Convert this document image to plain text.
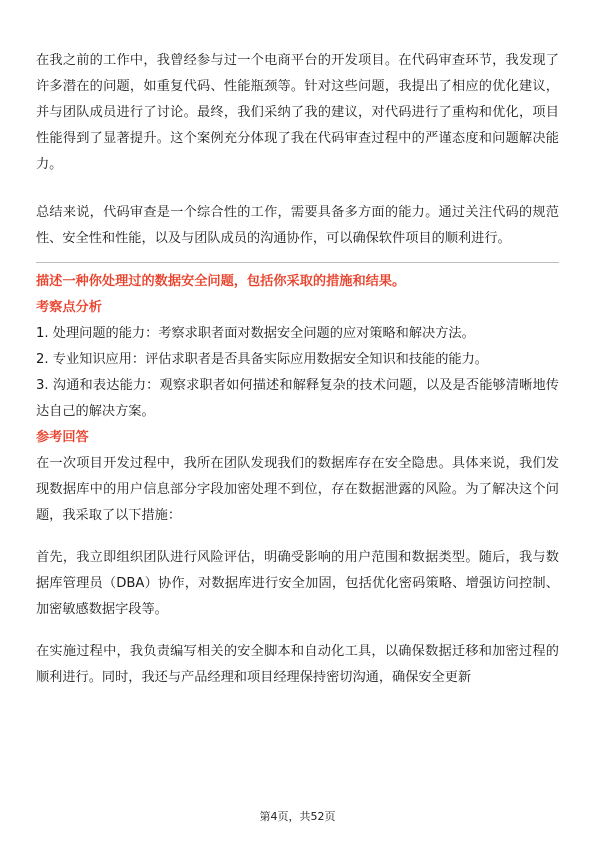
在我之前的工作中，我曾经参与过一个电商平台的开发项目。在代码审查环节，我发现了许多潜在的问题，如重复代码、性能瓶颈等。针对这些问题，我提出了相应的优化建议，并与团队成员进行了讨论。最终，我们采纳了我的建议，对代码进行了重构和优化，项目性能得到了显著提升。这个案例充分体现了我在代码审查过程中的严谨态度和问题解决能力。

总结来说，代码审查是一个综合性的工作，需要具备多方面的能力。通过关注代码的规范性、安全性和性能，以及与团队成员的沟通协作，可以确保软件项目的顺利进行。

描述一种你处理过的数据安全问题，包括你采取的措施和结果。

考察点分析

1. 处理问题的能力：考察求职者面对数据安全问题的应对策略和解决方法。

2. 专业知识应用：评估求职者是否具备实际应用数据安全知识和技能的能力。

3. 沟通和表达能力：观察求职者如何描述和解释复杂的技术问题，以及是否能够清晰地传达自己的解决方案。

参考回答

在一次项目开发过程中，我所在团队发现我们的数据库存在安全隐患。具体来说，我们发现数据库中的用户信息部分字段加密处理不到位，存在数据泄露的风险。为了解决这个问题，我采取了以下措施：

首先，我立即组织团队进行风险评估，明确受影响的用户范围和数据类型。随后，我与数据库管理员（DBA）协作，对数据库进行安全加固，包括优化密码策略、增强访问控制、加密敏感数据字段等。

在实施过程中，我负责编写相关的安全脚本和自动化工具，以确保数据迁移和加密过程的顺利进行。同时，我还与产品经理和项目经理保持密切沟通，确保安全更新

第4页，共52页
